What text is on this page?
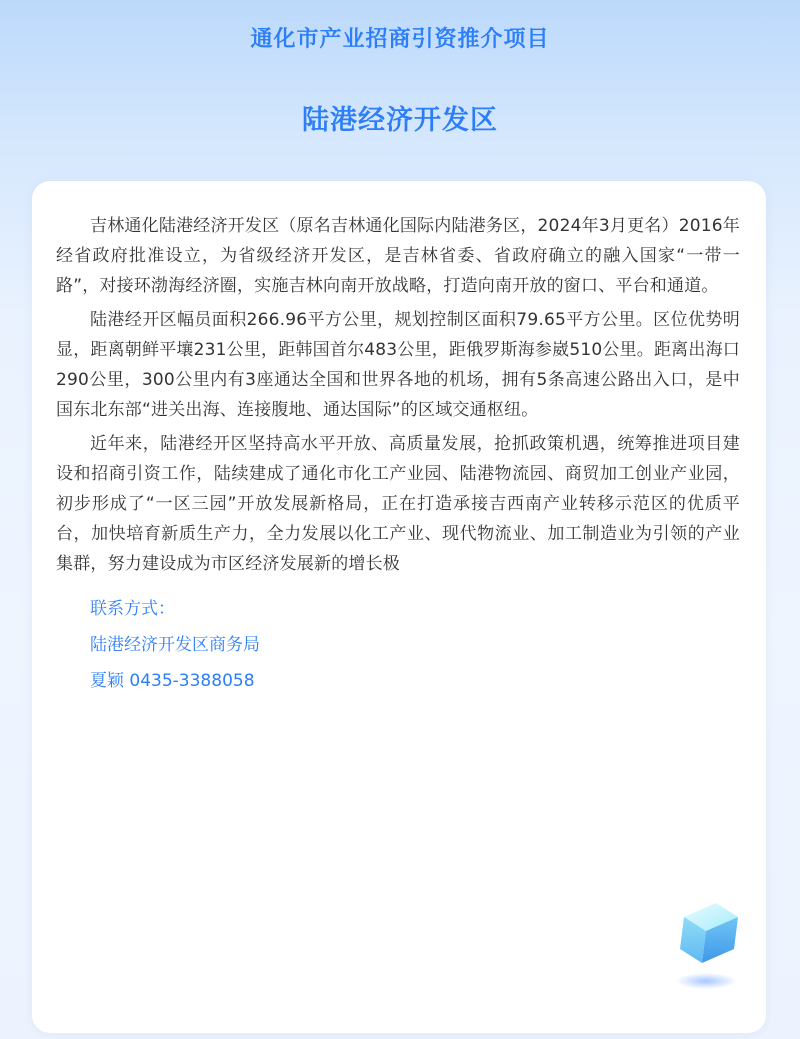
通化市产业招商引资推介项目
陆港经济开发区

吉林通化陆港经济开发区（原名吉林通化国际内陆港务区，2024年3月更名）2016年经省政府批准设立，为省级经济开发区，是吉林省委、省政府确立的融入国家“一带一路”，对接环渤海经济圈，实施吉林向南开放战略，打造向南开放的窗口、平台和通道。

陆港经开区幅员面积266.96平方公里，规划控制区面积79.65平方公里。区位优势明显，距离朝鲜平壤231公里，距韩国首尔483公里，距俄罗斯海参崴510公里。距离出海口290公里，300公里内有3座通达全国和世界各地的机场，拥有5条高速公路出入口，是中国东北东部“进关出海、连接腹地、通达国际”的区域交通枢纽。

近年来，陆港经开区坚持高水平开放、高质量发展，抢抓政策机遇，统筹推进项目建设和招商引资工作，陆续建成了通化市化工产业园、陆港物流园、商贸加工创业产业园，初步形成了“一区三园”开放发展新格局，正在打造承接吉西南产业转移示范区的优质平台，加快培育新质生产力，全力发展以化工产业、现代物流业、加工制造业为引领的产业集群，努力建设成为市区经济发展新的增长极

联系方式：
陆港经济开发区商务局
夏颖 0435-3388058
